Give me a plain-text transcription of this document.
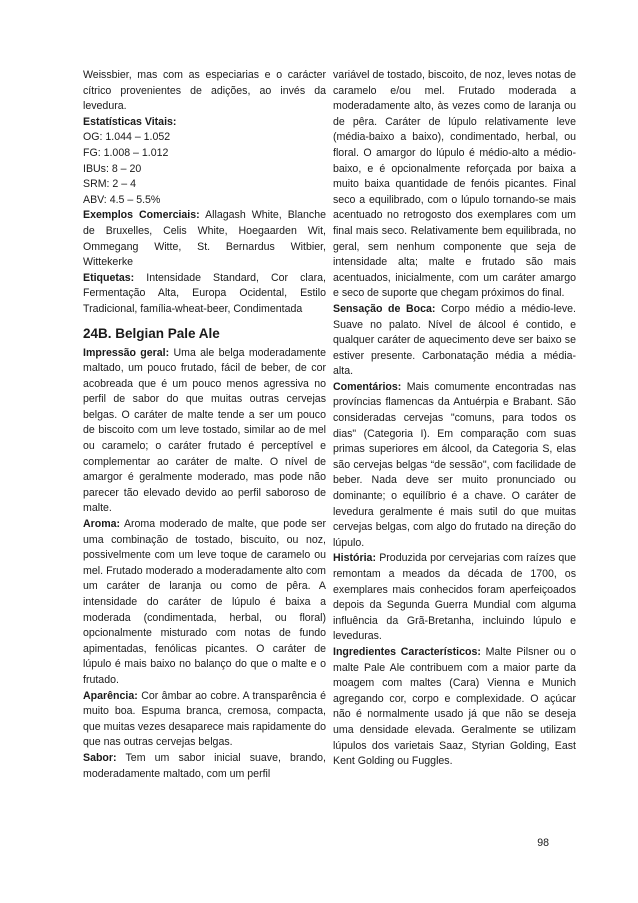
Weissbier, mas com as especiarias e o carácter cítrico provenientes de adições, ao invés da levedura.

Estatísticas Vitais:

OG: 1.044 – 1.052

FG: 1.008 – 1.012

IBUs: 8 – 20

SRM: 2 – 4

ABV: 4.5 – 5.5%

Exemplos Comerciais: Allagash White, Blanche de Bruxelles, Celis White, Hoegaarden Wit, Ommegang Witte, St. Bernardus Witbier, Wittekerke

Etiquetas: Intensidade Standard, Cor clara, Fermentação Alta, Europa Ocidental, Estilo Tradicional, família-wheat-beer, Condimentada

24B. Belgian Pale Ale

Impressão geral: Uma ale belga moderadamente maltado, um pouco frutado, fácil de beber, de cor acobreada que é um pouco menos agressiva no perfil de sabor do que muitas outras cervejas belgas. O caráter de malte tende a ser um pouco de biscoito com um leve tostado, similar ao de mel ou caramelo; o caráter frutado é perceptível e complementar ao caráter de malte. O nível de amargor é geralmente moderado, mas pode não parecer tão elevado devido ao perfil saboroso de malte.

Aroma: Aroma moderado de malte, que pode ser uma combinação de tostado, biscuito, ou noz, possivelmente com um leve toque de caramelo ou mel. Frutado moderado a moderadamente alto com um caráter de laranja ou como de pêra. A intensidade do caráter de lúpulo é baixa a moderada (condimentada, herbal, ou floral) opcionalmente misturado com notas de fundo apimentadas, fenólicas picantes. O caráter de lúpulo é mais baixo no balanço do que o malte e o frutado.

Aparência: Cor âmbar ao cobre. A transparência é muito boa. Espuma branca, cremosa, compacta, que muitas vezes desaparece mais rapidamente do que nas outras cervejas belgas.

Sabor: Tem um sabor inicial suave, brando, moderadamente maltado, com um perfil

variável de tostado, biscoito, de noz, leves notas de caramelo e/ou mel. Frutado moderada a moderadamente alto, às vezes como de laranja ou de pêra. Caráter de lúpulo relativamente leve (média-baixo a baixo), condimentado, herbal, ou floral. O amargor do lúpulo é médio-alto a médio-baixo, e é opcionalmente reforçada por baixa a muito baixa quantidade de fenóis picantes. Final seco a equilibrado, com o lúpulo tornando-se mais acentuado no retrogosto dos exemplares com um final mais seco. Relativamente bem equilibrada, no geral, sem nenhum componente que seja de intensidade alta; malte e frutado são mais acentuados, inicialmente, com um caráter amargo e seco de suporte que chegam próximos do final.

Sensação de Boca: Corpo médio a médio-leve. Suave no palato. Nível de álcool é contido, e qualquer caráter de aquecimento deve ser baixo se estiver presente. Carbonatação média a média-alta.

Comentários: Mais comumente encontradas nas províncias flamencas da Antuérpia e Brabant. São consideradas cervejas "comuns, para todos os dias" (Categoria I). Em comparação com suas primas superiores em álcool, da Categoria S, elas são cervejas belgas “de sessão", com facilidade de beber. Nada deve ser muito pronunciado ou dominante; o equilíbrio é a chave. O caráter de levedura geralmente é mais sutil do que muitas cervejas belgas, com algo do frutado na direção do lúpulo.

História: Produzida por cervejarias com raízes que remontam a meados da década de 1700, os exemplares mais conhecidos foram aperfeiçoados depois da Segunda Guerra Mundial com alguma influência da Grã-Bretanha, incluindo lúpulo e leveduras.

Ingredientes Característicos: Malte Pilsner ou o malte Pale Ale contribuem com a maior parte da moagem com maltes (Cara) Vienna e Munich agregando cor, corpo e complexidade. O açúcar não é normalmente usado já que não se deseja uma densidade elevada. Geralmente se utilizam lúpulos dos varietais Saaz, Styrian Golding, East Kent Golding ou Fuggles.

98
